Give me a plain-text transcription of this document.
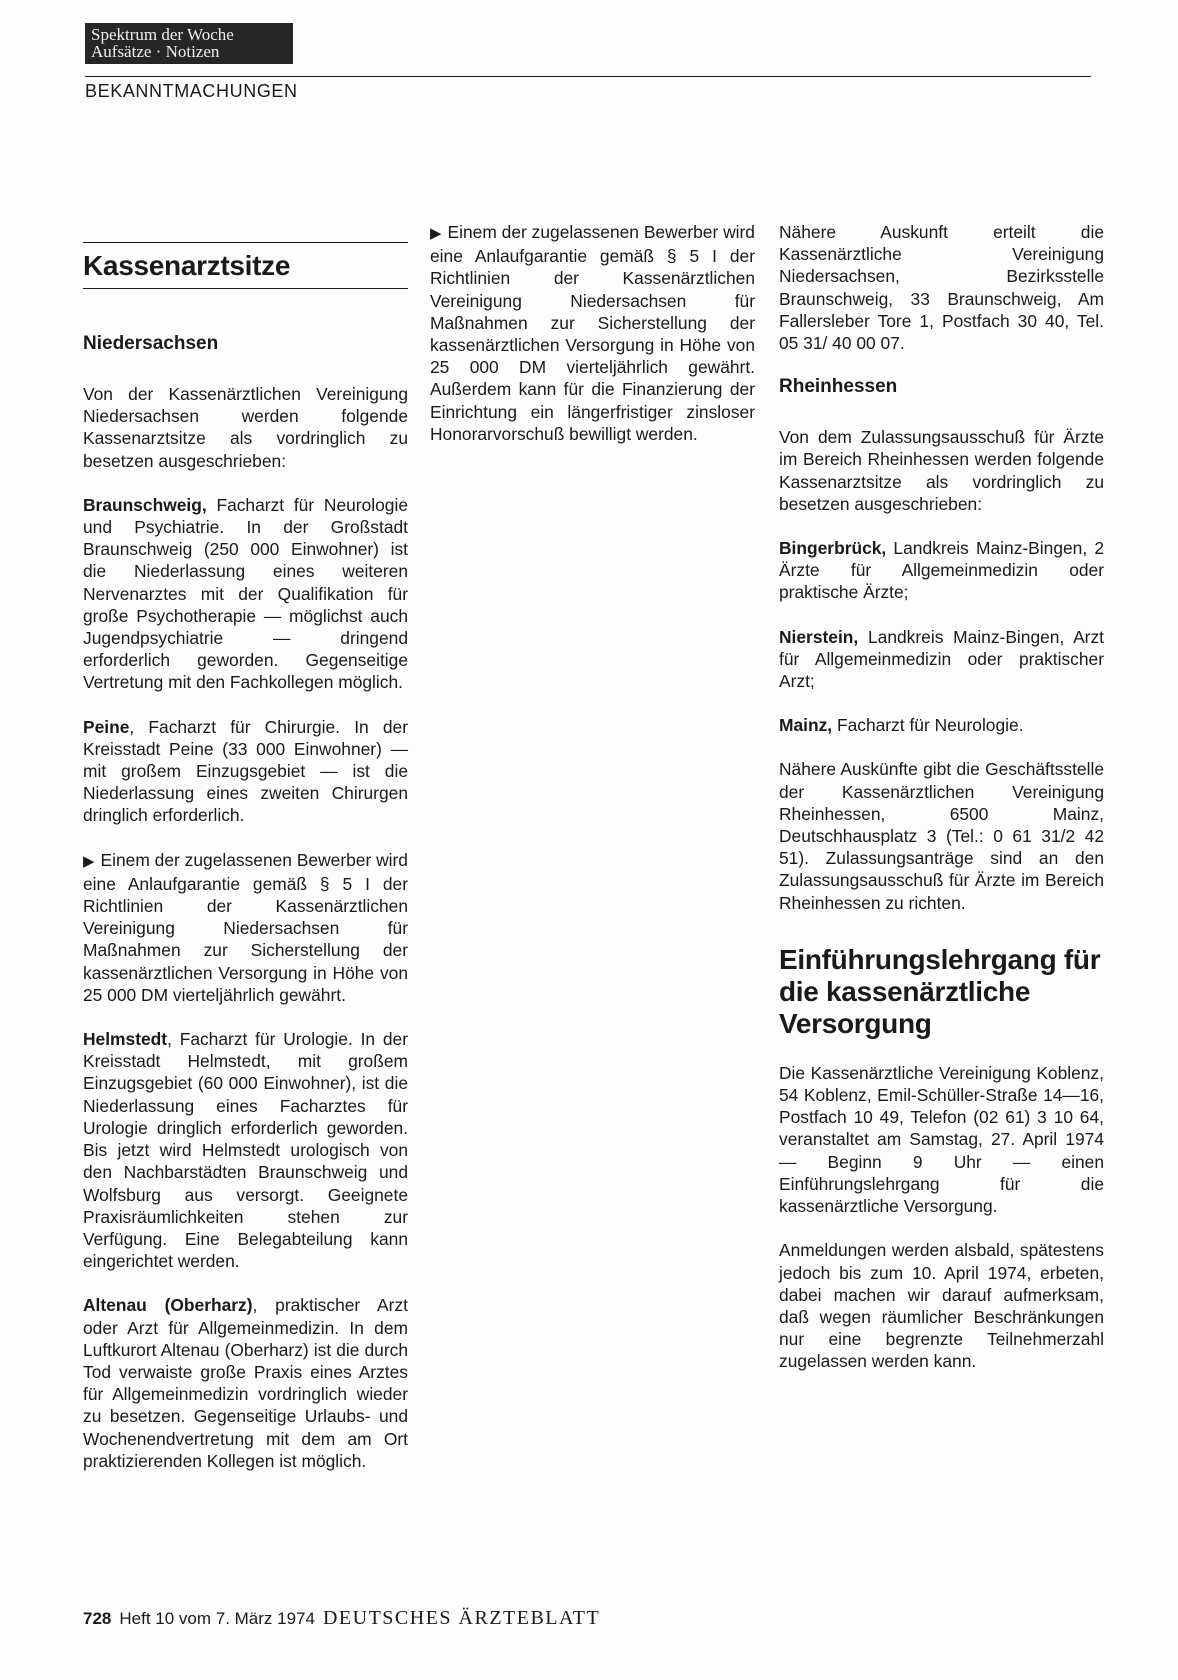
Spektrum der Woche
Aufsätze · Notizen
BEKANNTMACHUNGEN
Kassenarztsitze
Niedersachsen

Von der Kassenärztlichen Vereinigung Niedersachsen werden folgende Kassenarztsitze als vordringlich zu besetzen ausgeschrieben:

Braunschweig, Facharzt für Neurologie und Psychiatrie. In der Großstadt Braunschweig (250 000 Einwohner) ist die Niederlassung eines weiteren Nervenarztes mit der Qualifikation für große Psychotherapie — möglichst auch Jugendpsychiatrie — dringend erforderlich geworden. Gegenseitige Vertretung mit den Fachkollegen möglich.

Peine, Facharzt für Chirurgie. In der Kreisstadt Peine (33 000 Einwohner) — mit großem Einzugsgebiet — ist die Niederlassung eines zweiten Chirurgen dringlich erforderlich.

▶ Einem der zugelassenen Bewerber wird eine Anlaufgarantie gemäß § 5 I der Richtlinien der Kassenärztlichen Vereinigung Niedersachsen für Maßnahmen zur Sicherstellung der kassenärztlichen Versorgung in Höhe von 25 000 DM vierteljährlich gewährt.

Helmstedt, Facharzt für Urologie. In der Kreisstadt Helmstedt, mit großem Einzugsgebiet (60 000 Einwohner), ist die Niederlassung eines Facharztes für Urologie dringlich erforderlich geworden. Bis jetzt wird Helmstedt urologisch von den Nachbarstädten Braunschweig und Wolfsburg aus versorgt. Geeignete Praxisräumlichkeiten stehen zur Verfügung. Eine Belegabteilung kann eingerichtet werden.

Altenau (Oberharz), praktischer Arzt oder Arzt für Allgemeinmedizin. In dem Luftkurort Altenau (Oberharz) ist die durch Tod verwaiste große Praxis eines Arztes für Allgemeinmedizin vordringlich wieder zu besetzen. Gegenseitige Urlaubs- und Wochenendvertretung mit dem am Ort praktizierenden Kollegen ist möglich.

▶ Einem der zugelassenen Bewerber wird eine Anlaufgarantie gemäß § 5 I der Richtlinien der Kassenärztlichen Vereinigung Niedersachsen für Maßnahmen zur Sicherstellung der kassenärztlichen Versorgung in Höhe von 25 000 DM vierteljährlich gewährt. Außerdem kann für die Finanzierung der Einrichtung ein längerfristiger zinsloser Honorarvorschuß bewilligt werden.

Nähere Auskunft erteilt die Kassenärztliche Vereinigung Niedersachsen, Bezirksstelle Braunschweig, 33 Braunschweig, Am Fallersleber Tore 1, Postfach 30 40, Tel. 05 31/ 40 00 07.

Rheinhessen

Von dem Zulassungsausschuß für Ärzte im Bereich Rheinhessen werden folgende Kassenarztsitze als vordringlich zu besetzen ausgeschrieben:

Bingerbrück, Landkreis Mainz-Bingen, 2 Ärzte für Allgemeinmedizin oder praktische Ärzte;

Nierstein, Landkreis Mainz-Bingen, Arzt für Allgemeinmedizin oder praktischer Arzt;

Mainz, Facharzt für Neurologie.

Nähere Auskünfte gibt die Geschäftsstelle der Kassenärztlichen Vereinigung Rheinhessen, 6500 Mainz, Deutschhausplatz 3 (Tel.: 0 61 31/2 42 51). Zulassungsanträge sind an den Zulassungsausschuß für Ärzte im Bereich Rheinhessen zu richten.

Einführungslehrgang für die kassenärztliche Versorgung

Die Kassenärztliche Vereinigung Koblenz, 54 Koblenz, Emil-Schüller-Straße 14—16, Postfach 10 49, Telefon (02 61) 3 10 64, veranstaltet am Samstag, 27. April 1974 — Beginn 9 Uhr — einen Einführungslehrgang für die kassenärztliche Versorgung.

Anmeldungen werden alsbald, spätestens jedoch bis zum 10. April 1974, erbeten, dabei machen wir darauf aufmerksam, daß wegen räumlicher Beschränkungen nur eine begrenzte Teilnehmerzahl zugelassen werden kann.

728 Heft 10 vom 7. März 1974 DEUTSCHES ÄRZTEBLATT
